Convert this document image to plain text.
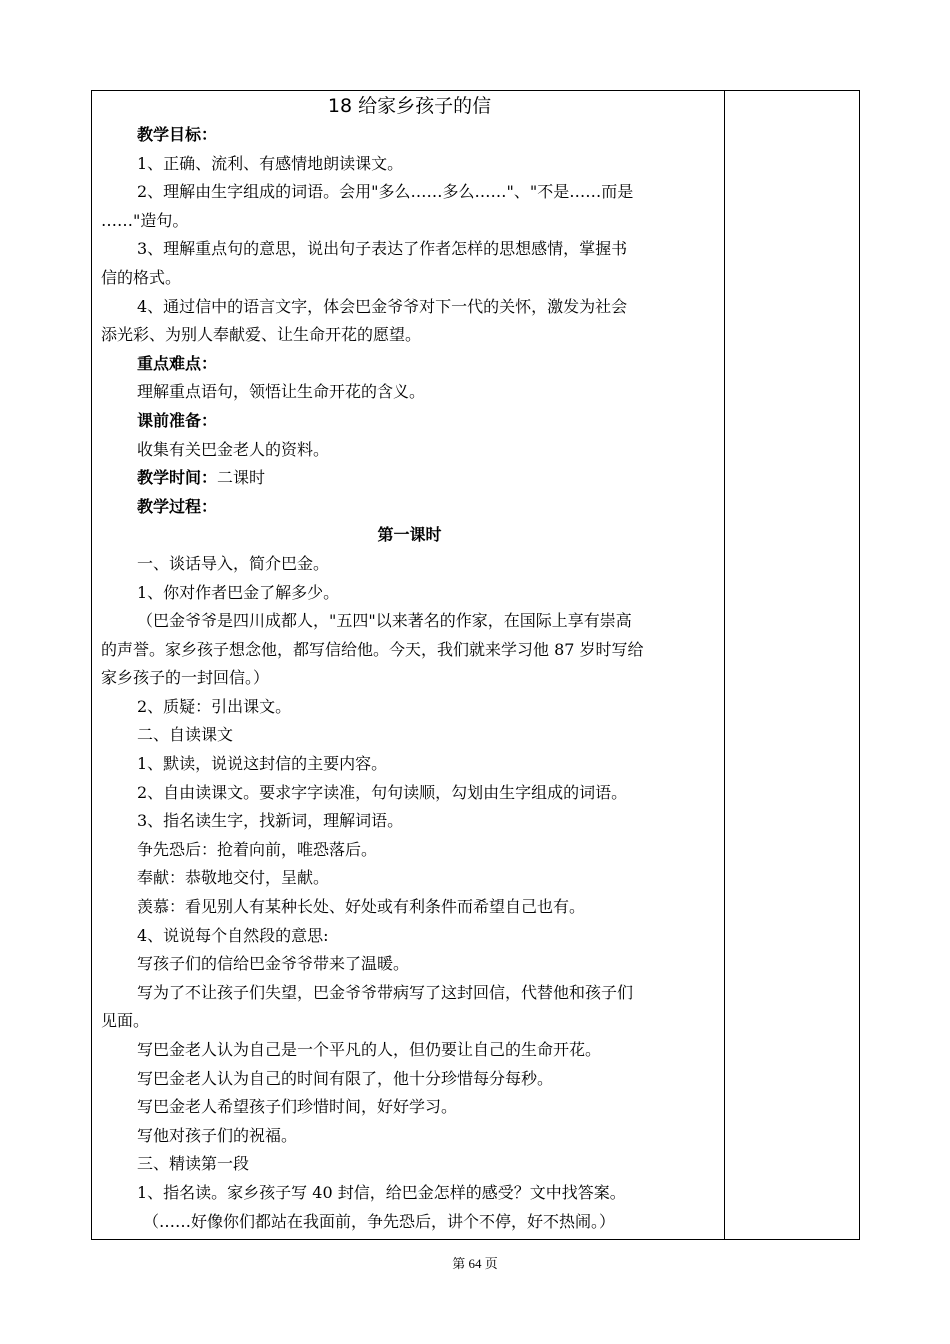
18 给家乡孩子的信
教学目标：
1、正确、流利、有感情地朗读课文。
2、理解由生字组成的词语。会用"多么……多么……"、"不是……而是
……"造句。
3、理解重点句的意思，说出句子表达了作者怎样的思想感情，掌握书
信的格式。
4、通过信中的语言文字，体会巴金爷爷对下一代的关怀，激发为社会
添光彩、为别人奉献爱、让生命开花的愿望。
重点难点：
理解重点语句，领悟让生命开花的含义。
课前准备：
收集有关巴金老人的资料。
教学时间：二课时
教学过程：
第一课时
一、谈话导入，简介巴金。
1、你对作者巴金了解多少。
（巴金爷爷是四川成都人，"五四"以来著名的作家，在国际上享有崇高
的声誉。家乡孩子想念他，都写信给他。今天，我们就来学习他 87 岁时写给
家乡孩子的一封回信。）
2、质疑：引出课文。
二、自读课文
1、默读，说说这封信的主要内容。
2、自由读课文。要求字字读准，句句读顺，勾划由生字组成的词语。
3、指名读生字，找新词，理解词语。
争先恐后：抢着向前，唯恐落后。
奉献：恭敬地交付，呈献。
羡慕：看见别人有某种长处、好处或有利条件而希望自己也有。
4、说说每个自然段的意思:
写孩子们的信给巴金爷爷带来了温暖。
写为了不让孩子们失望，巴金爷爷带病写了这封回信，代替他和孩子们
见面。
写巴金老人认为自己是一个平凡的人，但仍要让自己的生命开花。
写巴金老人认为自己的时间有限了，他十分珍惜每分每秒。
写巴金老人希望孩子们珍惜时间，好好学习。
写他对孩子们的祝福。
三、精读第一段
1、指名读。家乡孩子写 40 封信，给巴金怎样的感受？文中找答案。
（……好像你们都站在我面前，争先恐后，讲个不停，好不热闹。）
第 64 页
